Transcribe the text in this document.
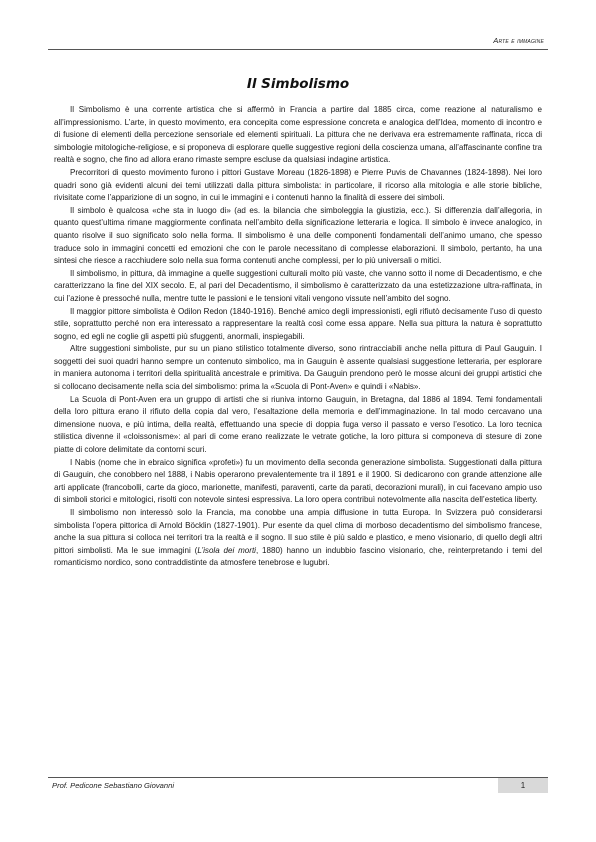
Arte e immagine
Il Simbolismo

Il Simbolismo è una corrente artistica che si affermò in Francia a partire dal 1885 circa, come reazione al naturalismo e all’impressionismo. L’arte, in questo movimento, era concepita come espressione concreta e analogica dell’Idea, momento di incontro e di fusione di elementi della percezione sensoriale ed elementi spirituali. La pittura che ne derivava era estremamente raffinata, ricca di simbologie mitologiche-religiose, e si proponeva di esplorare quelle suggestive regioni della coscienza umana, all’affascinante confine tra realtà e sogno, che fino ad allora erano rimaste sempre escluse da qualsiasi indagine artistica.

Precorritori di questo movimento furono i pittori Gustave Moreau (1826-1898) e Pierre Puvis de Chavannes (1824-1898). Nei loro quadri sono già evidenti alcuni dei temi utilizzati dalla pittura simbolista: in particolare, il ricorso alla mitologia e alle storie bibliche, rivisitate come l’apparizione di un sogno, in cui le immagini e i contenuti hanno la finalità di essere dei simboli.

Il simbolo è qualcosa «che sta in luogo di» (ad es. la bilancia che simboleggia la giustizia, ecc.). Si differenzia dall’allegoria, in quanto quest’ultima rimane maggiormente confinata nell’ambito della significazione letteraria e logica. Il simbolo è invece analogico, in quanto risolve il suo significato solo nella forma. Il simbolismo è una delle componenti fondamentali dell’animo umano, che spesso traduce solo in immagini concetti ed emozioni che con le parole necessitano di complesse elaborazioni. Il simbolo, pertanto, ha una sintesi che riesce a racchiudere solo nella sua forma contenuti anche complessi, per lo più universali o mitici.

Il simbolismo, in pittura, dà immagine a quelle suggestioni culturali molto più vaste, che vanno sotto il nome di Decadentismo, e che caratterizzano la fine del XIX secolo. E, al pari del Decadentismo, il simbolismo è caratterizzato da una estetizzazione ultra-raffinata, in cui l’azione è pressoché nulla, mentre tutte le passioni e le tensioni vitali vengono vissute nell’ambito del sogno.

Il maggior pittore simbolista è Odilon Redon (1840-1916). Benché amico degli impressionisti, egli rifiutò decisamente l’uso di questo stile, soprattutto perché non era interessato a rappresentare la realtà così come essa appare. Nella sua pittura la natura è soprattutto sogno, ed egli ne coglie gli aspetti più sfuggenti, anormali, inspiegabili.

Altre suggestioni simboliste, pur su un piano stilistico totalmente diverso, sono rintracciabili anche nella pittura di Paul Gauguin. I soggetti dei suoi quadri hanno sempre un contenuto simbolico, ma in Gauguin è assente qualsiasi suggestione letteraria, per esplorare in maniera autonoma i territori della spiritualità ancestrale e primitiva. Da Gauguin prendono però le mosse alcuni dei gruppi artistici che si collocano decisamente nella scia del simbolismo: prima la «Scuola di Pont-Aven» e quindi i «Nabis».

La Scuola di Pont-Aven era un gruppo di artisti che si riuniva intorno Gauguin, in Bretagna, dal 1886 al 1894. Temi fondamentali della loro pittura erano il rifiuto della copia dal vero, l’esaltazione della memoria e dell’immaginazione. In tal modo cercavano una dimensione nuova, e più intima, della realtà, effettuando una specie di doppia fuga verso il passato e verso l’esotico. La loro tecnica stilistica divenne il «cloissonisme»: al pari di come erano realizzate le vetrate gotiche, la loro pittura si componeva di stesure di zone piatte di colore delimitate da contorni scuri.

I Nabis (nome che in ebraico significa «profeti») fu un movimento della seconda generazione simbolista. Suggestionati dalla pittura di Gauguin, che conobbero nel 1888, i Nabis operarono prevalentemente tra il 1891 e il 1900. Si dedicarono con grande attenzione alle arti applicate (francobolli, carte da gioco, marionette, manifesti, paraventi, carte da parati, decorazioni murali), in cui facevano ampio uso di simboli storici e mitologici, risolti con notevole sintesi espressiva. La loro opera contribuì notevolmente alla nascita dell’estetica liberty.

Il simbolismo non interessò solo la Francia, ma conobbe una ampia diffusione in tutta Europa. In Svizzera può considerarsi simbolista l’opera pittorica di Arnold Böcklin (1827-1901). Pur esente da quel clima di morboso decadentismo del simbolismo francese, anche la sua pittura si colloca nei territori tra la realtà e il sogno. Il suo stile è più saldo e plastico, e meno visionario, di quello degli altri pittori simbolisti. Ma le sue immagini (L’isola dei morti, 1880) hanno un indubbio fascino visionario, che, reinterpretando i temi del romanticismo nordico, sono contraddistinte da atmosfere tenebrose e lugubri.

Prof. Pedicone Sebastiano Giovanni	1
